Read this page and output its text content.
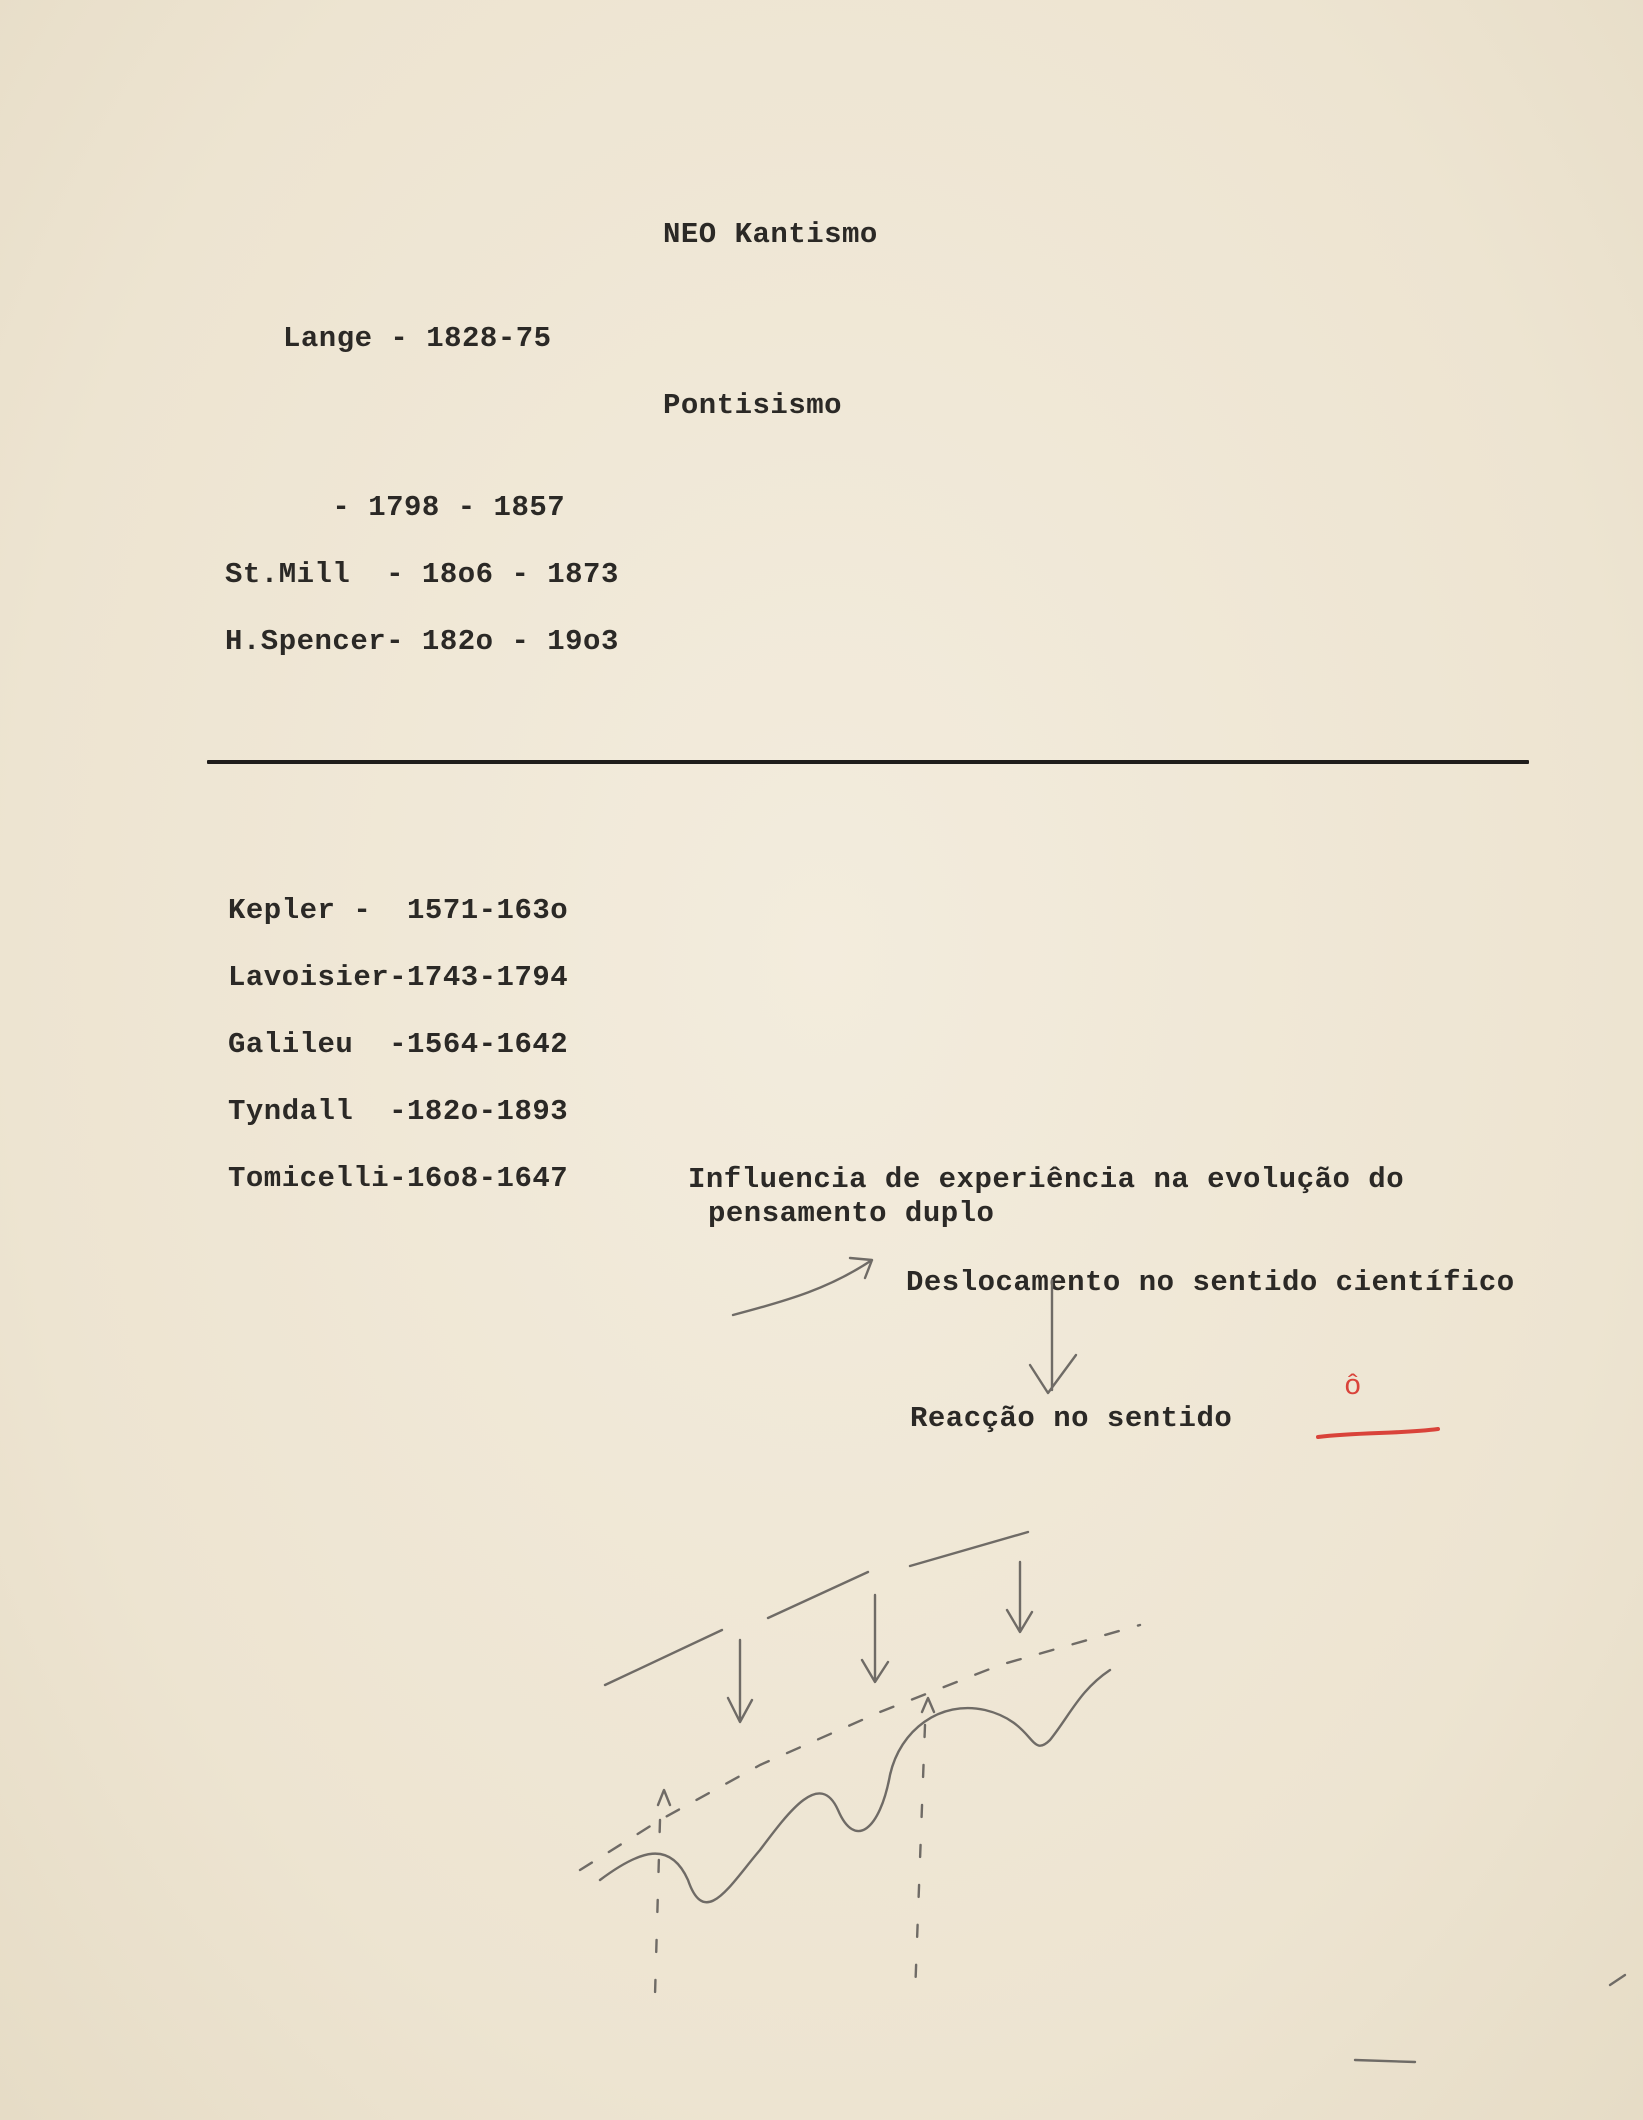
NEO Kantismo
Lange - 1828-75
Pontisismo
- 1798 - 1857
St.Mill  - 18o6 - 1873
H.Spencer- 182o - 19o3
Kepler -  1571-163o
Lavoisier-1743-1794
Galileu  -1564-1642
Tyndall  -182o-1893
Tomicelli-16o8-1647	Influencia de experiência na evolução do
pensamento duplo
Deslocamento no sentido científico
Reacção no sentido
ô
